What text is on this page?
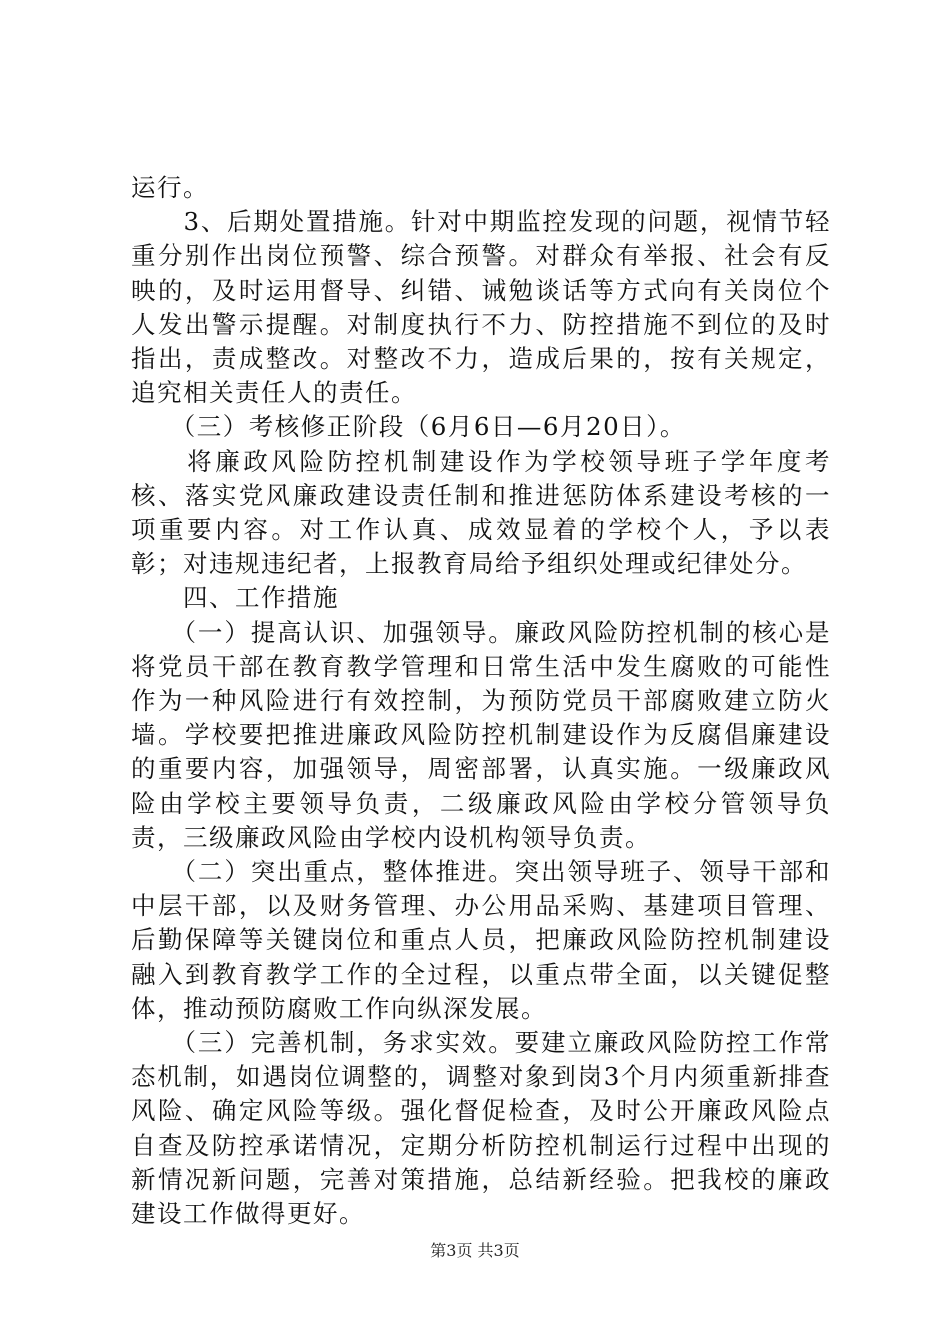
运行。

　　3、后期处置措施。针对中期监控发现的问题，视情节轻重分别作出岗位预警、综合预警。对群众有举报、社会有反映的，及时运用督导、纠错、诫勉谈话等方式向有关岗位个人发出警示提醒。对制度执行不力、防控措施不到位的及时指出，责成整改。对整改不力，造成后果的，按有关规定，追究相关责任人的责任。

　　（三）考核修正阶段（6月6日—6月20日）。

　　将廉政风险防控机制建设作为学校领导班子学年度考核、落实党风廉政建设责任制和推进惩防体系建设考核的一项重要内容。对工作认真、成效显着的学校个人，予以表彰；对违规违纪者，上报教育局给予组织处理或纪律处分。

　　四、工作措施

　　（一）提高认识、加强领导。廉政风险防控机制的核心是将党员干部在教育教学管理和日常生活中发生腐败的可能性作为一种风险进行有效控制，为预防党员干部腐败建立防火墙。学校要把推进廉政风险防控机制建设作为反腐倡廉建设的重要内容，加强领导，周密部署，认真实施。一级廉政风险由学校主要领导负责，二级廉政风险由学校分管领导负责，三级廉政风险由学校内设机构领导负责。

　　（二）突出重点，整体推进。突出领导班子、领导干部和中层干部，以及财务管理、办公用品采购、基建项目管理、后勤保障等关键岗位和重点人员，把廉政风险防控机制建设融入到教育教学工作的全过程，以重点带全面，以关键促整体，推动预防腐败工作向纵深发展。

　　（三）完善机制，务求实效。要建立廉政风险防控工作常态机制，如遇岗位调整的，调整对象到岗3个月内须重新排查风险、确定风险等级。强化督促检查，及时公开廉政风险点自查及防控承诺情况，定期分析防控机制运行过程中出现的新情况新问题，完善对策措施，总结新经验。把我校的廉政建设工作做得更好。

第3页 共3页
